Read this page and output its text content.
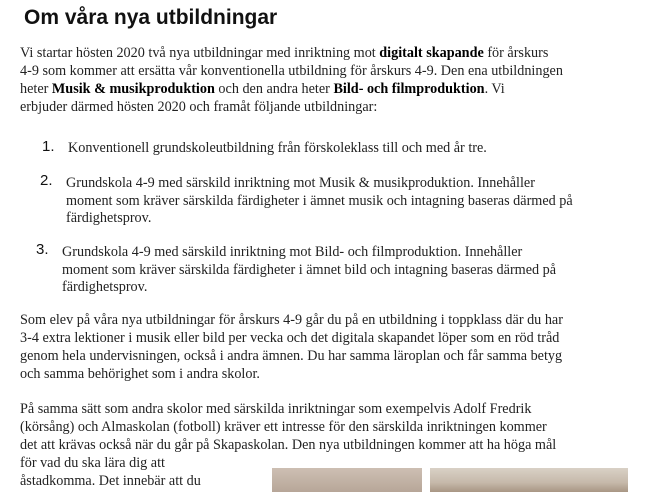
Om våra nya utbildningar

Vi startar hösten 2020 två nya utbildningar med inriktning mot digitalt skapande för årskurs
4-9 som kommer att ersätta vår konventionella utbildning för årskurs 4-9. Den ena utbildningen
heter Musik & musikproduktion och den andra heter Bild- och filmproduktion. Vi
erbjuder därmed hösten 2020 och framåt följande utbildningar:

1. Konventionell grundskoleutbildning från förskoleklass till och med år tre.

2. Grundskola 4-9 med särskild inriktning mot Musik & musikproduktion. Innehåller
moment som kräver särskilda färdigheter i ämnet musik och intagning baseras därmed på
färdighetsprov.

3. Grundskola 4-9 med särskild inriktning mot Bild- och filmproduktion. Innehåller
moment som kräver särskilda färdigheter i ämnet bild och intagning baseras därmed på
färdighetsprov.

Som elev på våra nya utbildningar för årskurs 4-9 går du på en utbildning i toppklass där du har
3-4 extra lektioner i musik eller bild per vecka och det digitala skapandet löper som en röd tråd
genom hela undervisningen, också i andra ämnen. Du har samma läroplan och får samma betyg
och samma behörighet som i andra skolor.

På samma sätt som andra skolor med särskilda inriktningar som exempelvis Adolf Fredrik
(körsång) och Almaskolan (fotboll) kräver ett intresse för den särskilda inriktningen kommer
det att krävas också när du går på Skapaskolan. Den nya utbildningen kommer att ha höga mål
för vad du ska lära dig att
åstadkomma. Det innebär att du
